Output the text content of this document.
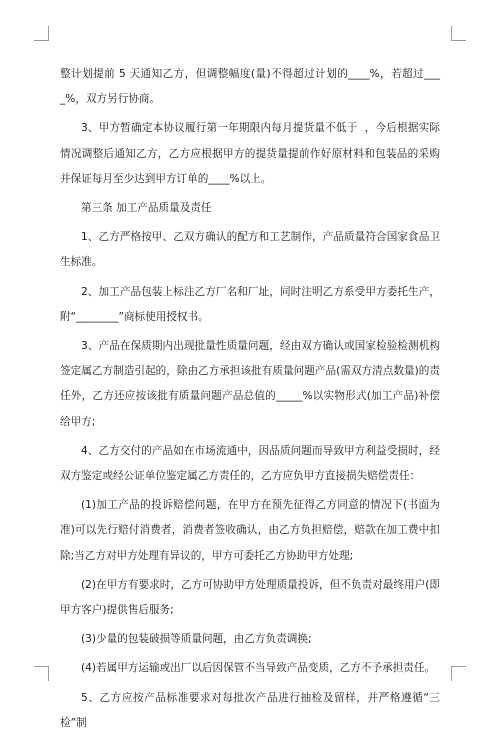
整计划提前 5 天通知乙方，但调整幅度(量)不得超过计划的____%，若超过____%，双方另行协商。

3、甲方暂确定本协议履行第一年期限内每月提货量不低于  ，今后根据实际情况调整后通知乙方，乙方应根据甲方的提货量提前作好原材料和包装品的采购并保证每月至少达到甲方订单的____%以上。

第三条 加工产品质量及责任

1、乙方严格按甲、乙双方确认的配方和工艺制作，产品质量符合国家食品卫生标准。

2、加工产品包装上标注乙方厂名和厂址，同时注明乙方系受甲方委托生产，附“________”商标使用授权书。

3、产品在保质期内出现批量性质量问题，经由双方确认或国家检验检测机构签定属乙方制造引起的，除由乙方承担该批有质量问题产品(需双方清点数量)的责任外，乙方还应按该批有质量问题产品总值的_____%以实物形式(加工产品)补偿给甲方;

4、乙方交付的产品如在市场流通中，因品质问题而导致甲方利益受损时，经双方鉴定或经公证单位鉴定属乙方责任的，乙方应负甲方直接损失赔偿责任：

(1)加工产品的投诉赔偿问题，在甲方在预先征得乙方同意的情况下(书面为准)可以先行赔付消费者，消费者签收确认，由乙方负担赔偿，赔款在加工费中扣除;当乙方对甲方处理有异议的，甲方可委托乙方协助甲方处理;

(2)在甲方有要求时，乙方可协助甲方处理质量投诉，但不负责对最终用户(即甲方客户)提供售后服务;

(3)少量的包装破损等质量问题，由乙方负责调换;

(4)若属甲方运输或出厂以后因保管不当导致产品变质，乙方不予承担责任。

5、乙方应按产品标准要求对每批次产品进行抽检及留样，并严格遵循“三检”制
